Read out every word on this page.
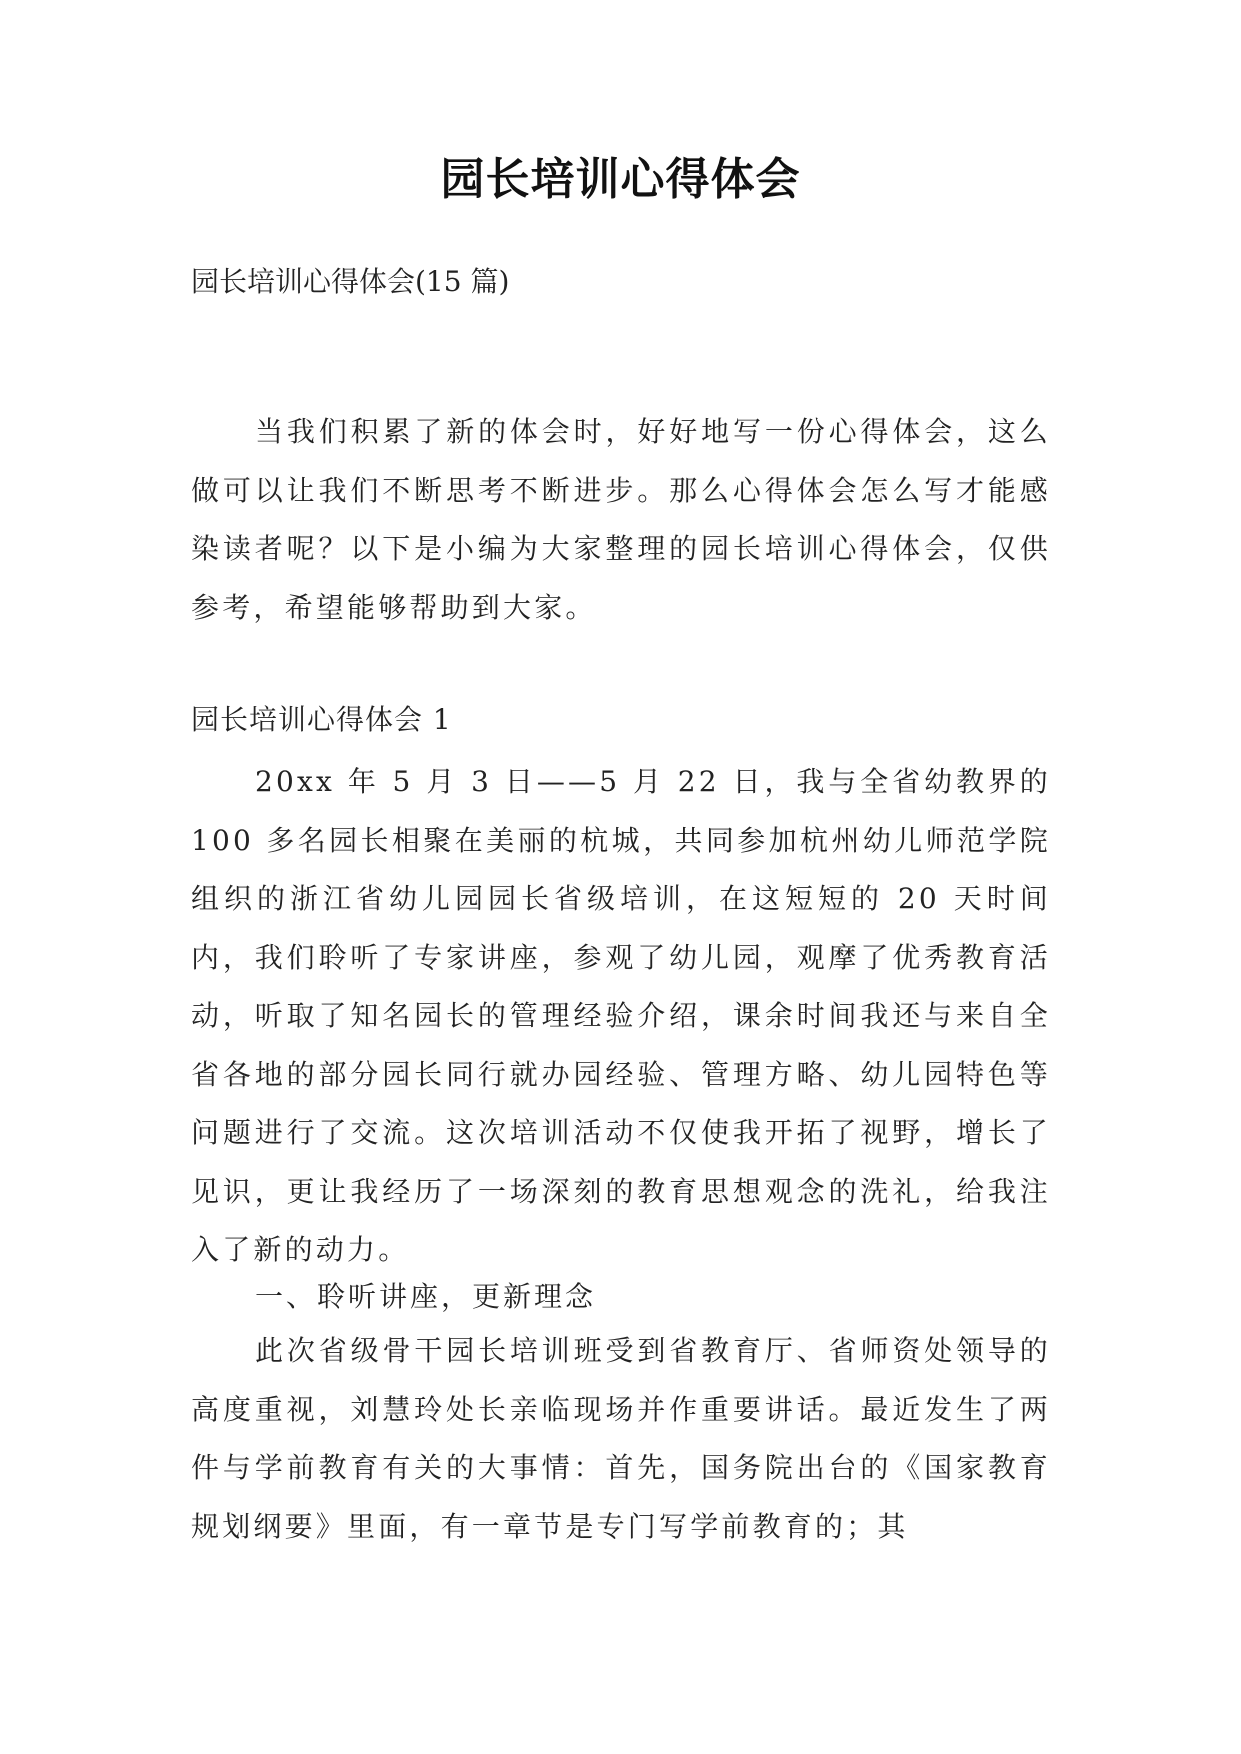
园长培训心得体会
园长培训心得体会(15 篇)
当我们积累了新的体会时，好好地写一份心得体会，这么做可以让我们不断思考不断进步。那么心得体会怎么写才能感染读者呢？以下是小编为大家整理的园长培训心得体会，仅供参考，希望能够帮助到大家。
园长培训心得体会 1
20xx 年 5 月 3 日——5 月 22 日，我与全省幼教界的 100 多名园长相聚在美丽的杭城，共同参加杭州幼儿师范学院组织的浙江省幼儿园园长省级培训，在这短短的 20 天时间内，我们聆听了专家讲座，参观了幼儿园，观摩了优秀教育活动，听取了知名园长的管理经验介绍，课余时间我还与来自全省各地的部分园长同行就办园经验、管理方略、幼儿园特色等问题进行了交流。这次培训活动不仅使我开拓了视野，增长了见识，更让我经历了一场深刻的教育思想观念的洗礼，给我注入了新的动力。
一、聆听讲座，更新理念
此次省级骨干园长培训班受到省教育厅、省师资处领导的高度重视，刘慧玲处长亲临现场并作重要讲话。最近发生了两件与学前教育有关的大事情：首先，国务院出台的《国家教育规划纲要》里面，有一章节是专门写学前教育的；其
